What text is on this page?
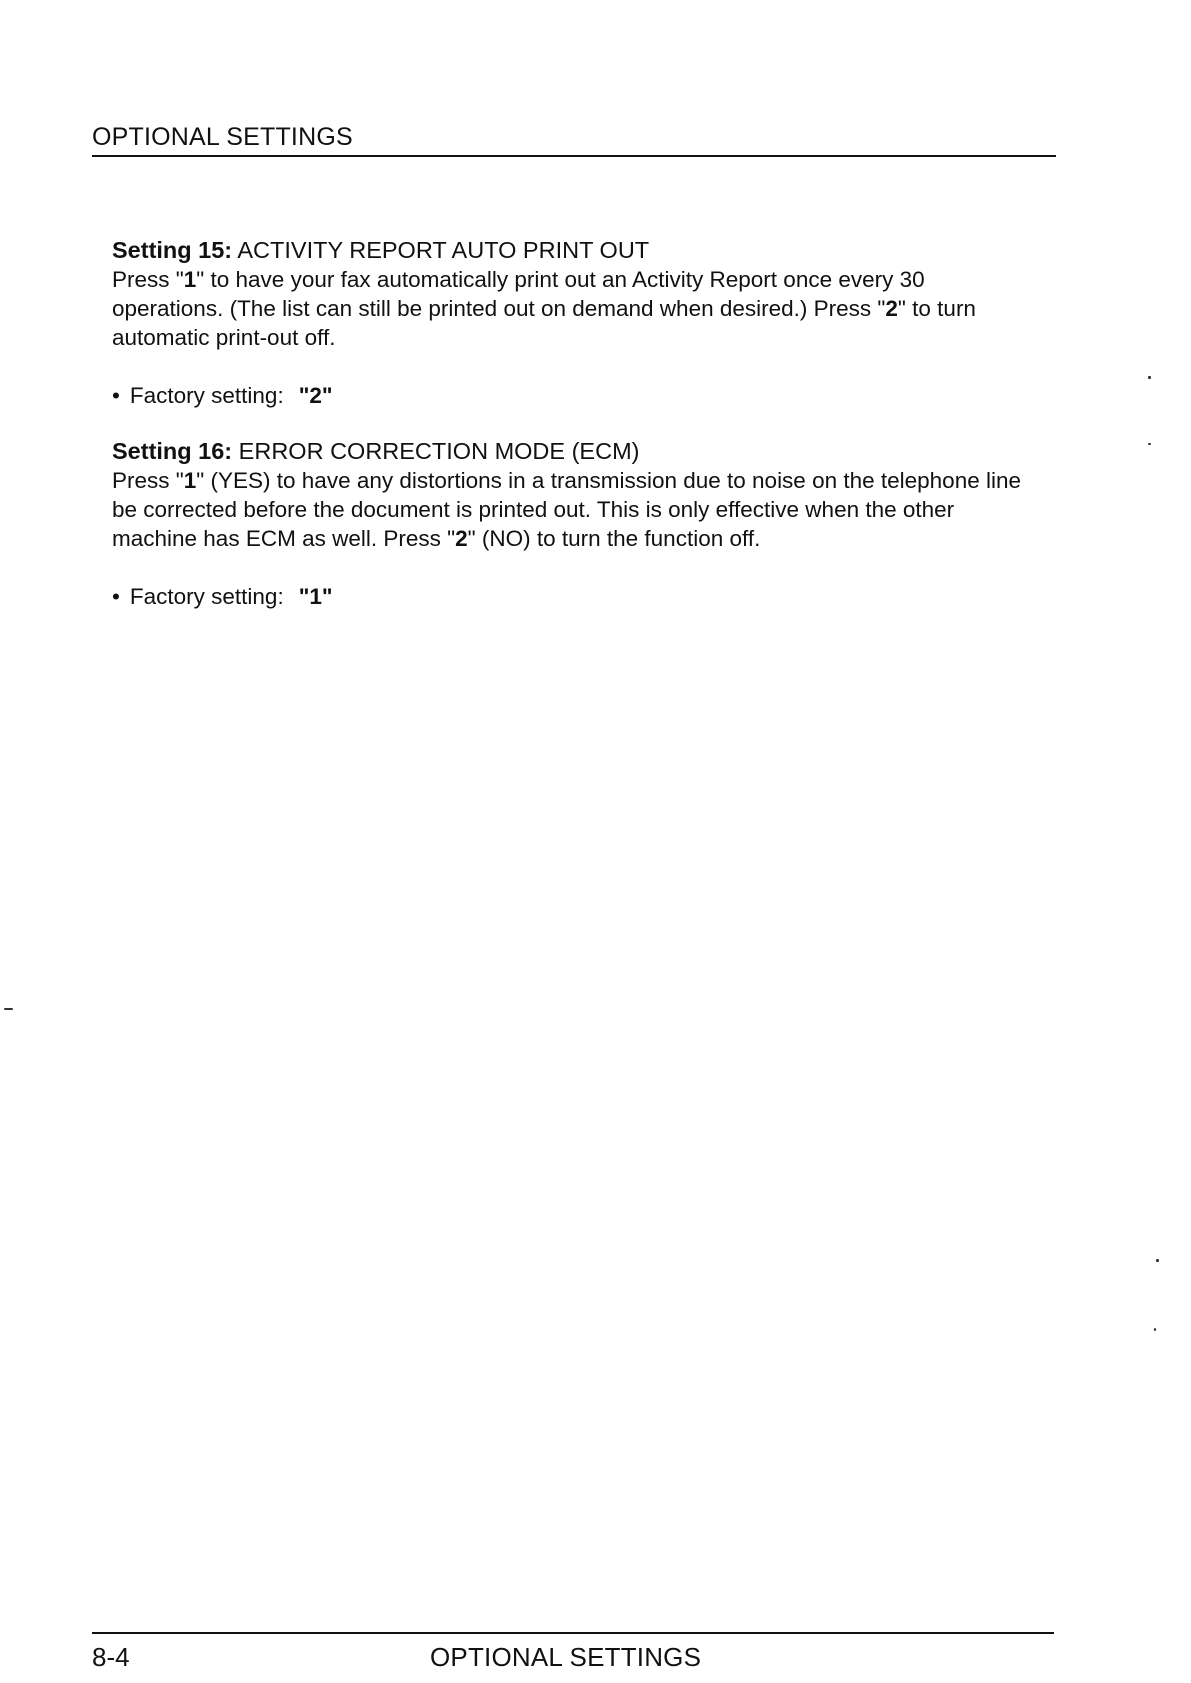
OPTIONAL SETTINGS

Setting 15: ACTIVITY REPORT AUTO PRINT OUT

Press "1" to have your fax automatically print out an Activity Report once every 30 operations. (The list can still be printed out on demand when desired.) Press "2" to turn automatic print-out off.

• Factory setting: "2"

Setting 16: ERROR CORRECTION MODE (ECM)

Press "1" (YES) to have any distortions in a transmission due to noise on the telephone line be corrected before the document is printed out. This is only effective when the other machine has ECM as well. Press "2" (NO) to turn the function off.

• Factory setting: "1"

8-4	OPTIONAL SETTINGS
